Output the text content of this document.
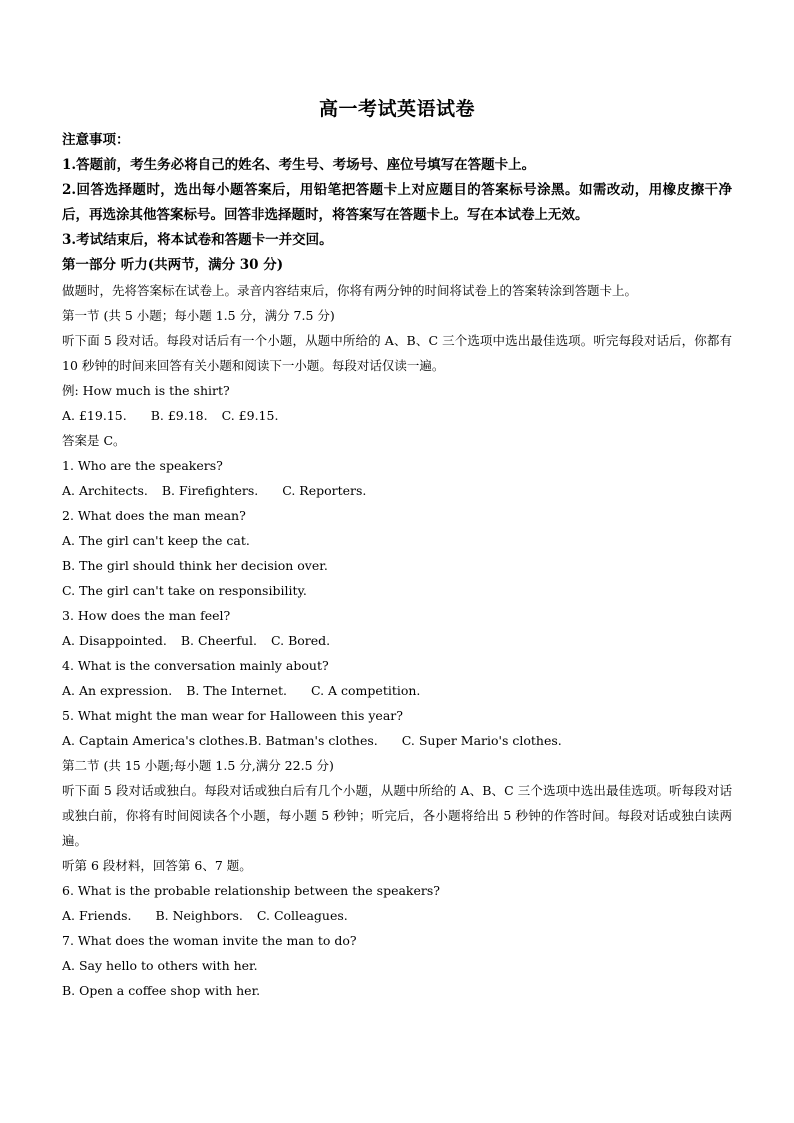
高一考试英语试卷
注意事项：
1.答题前，考生务必将自己的姓名、考生号、考场号、座位号填写在答题卡上。
2.回答选择题时，选出每小题答案后，用铅笔把答题卡上对应题目的答案标号涂黑。如需改动，用橡皮擦干净后，再选涂其他答案标号。回答非选择题时，将答案写在答题卡上。写在本试卷上无效。
3.考试结束后，将本试卷和答题卡一并交回。
第一部分 听力(共两节，满分 30 分)
做题时，先将答案标在试卷上。录音内容结束后，你将有两分钟的时间将试卷上的答案转涂到答题卡上。
第一节 (共 5 小题；每小题 1.5 分，满分 7.5 分)
听下面 5 段对话。每段对话后有一个小题，从题中所给的 A、B、C 三个选项中选出最佳选项。听完每段对话后，你都有 10 秒钟的时间来回答有关小题和阅读下一小题。每段对话仅读一遍。
例: How much is the shirt?
A. £19.15. B. £9.18. C. £9.15.
答案是 C。
1. Who are the speakers?
A. Architects. B. Firefighters. C. Reporters.
2. What does the man mean?
A. The girl can't keep the cat.
B. The girl should think her decision over.
C. The girl can't take on responsibility.
3. How does the man feel?
A. Disappointed. B. Cheerful. C. Bored.
4. What is the conversation mainly about?
A. An expression. B. The Internet. C. A competition.
5. What might the man wear for Halloween this year?
A. Captain America's clothes.B. Batman's clothes. C. Super Mario's clothes.
第二节 (共 15 小题;每小题 1.5 分,满分 22.5 分)
听下面 5 段对话或独白。每段对话或独白后有几个小题，从题中所给的 A、B、C 三个选项中选出最佳选项。听每段对话或独白前，你将有时间阅读各个小题，每小题 5 秒钟；听完后，各小题将给出 5 秒钟的作答时间。每段对话或独白读两遍。
听第 6 段材料，回答第 6、7 题。
6. What is the probable relationship between the speakers?
A. Friends. B. Neighbors. C. Colleagues.
7. What does the woman invite the man to do?
A. Say hello to others with her.
B. Open a coffee shop with her.
